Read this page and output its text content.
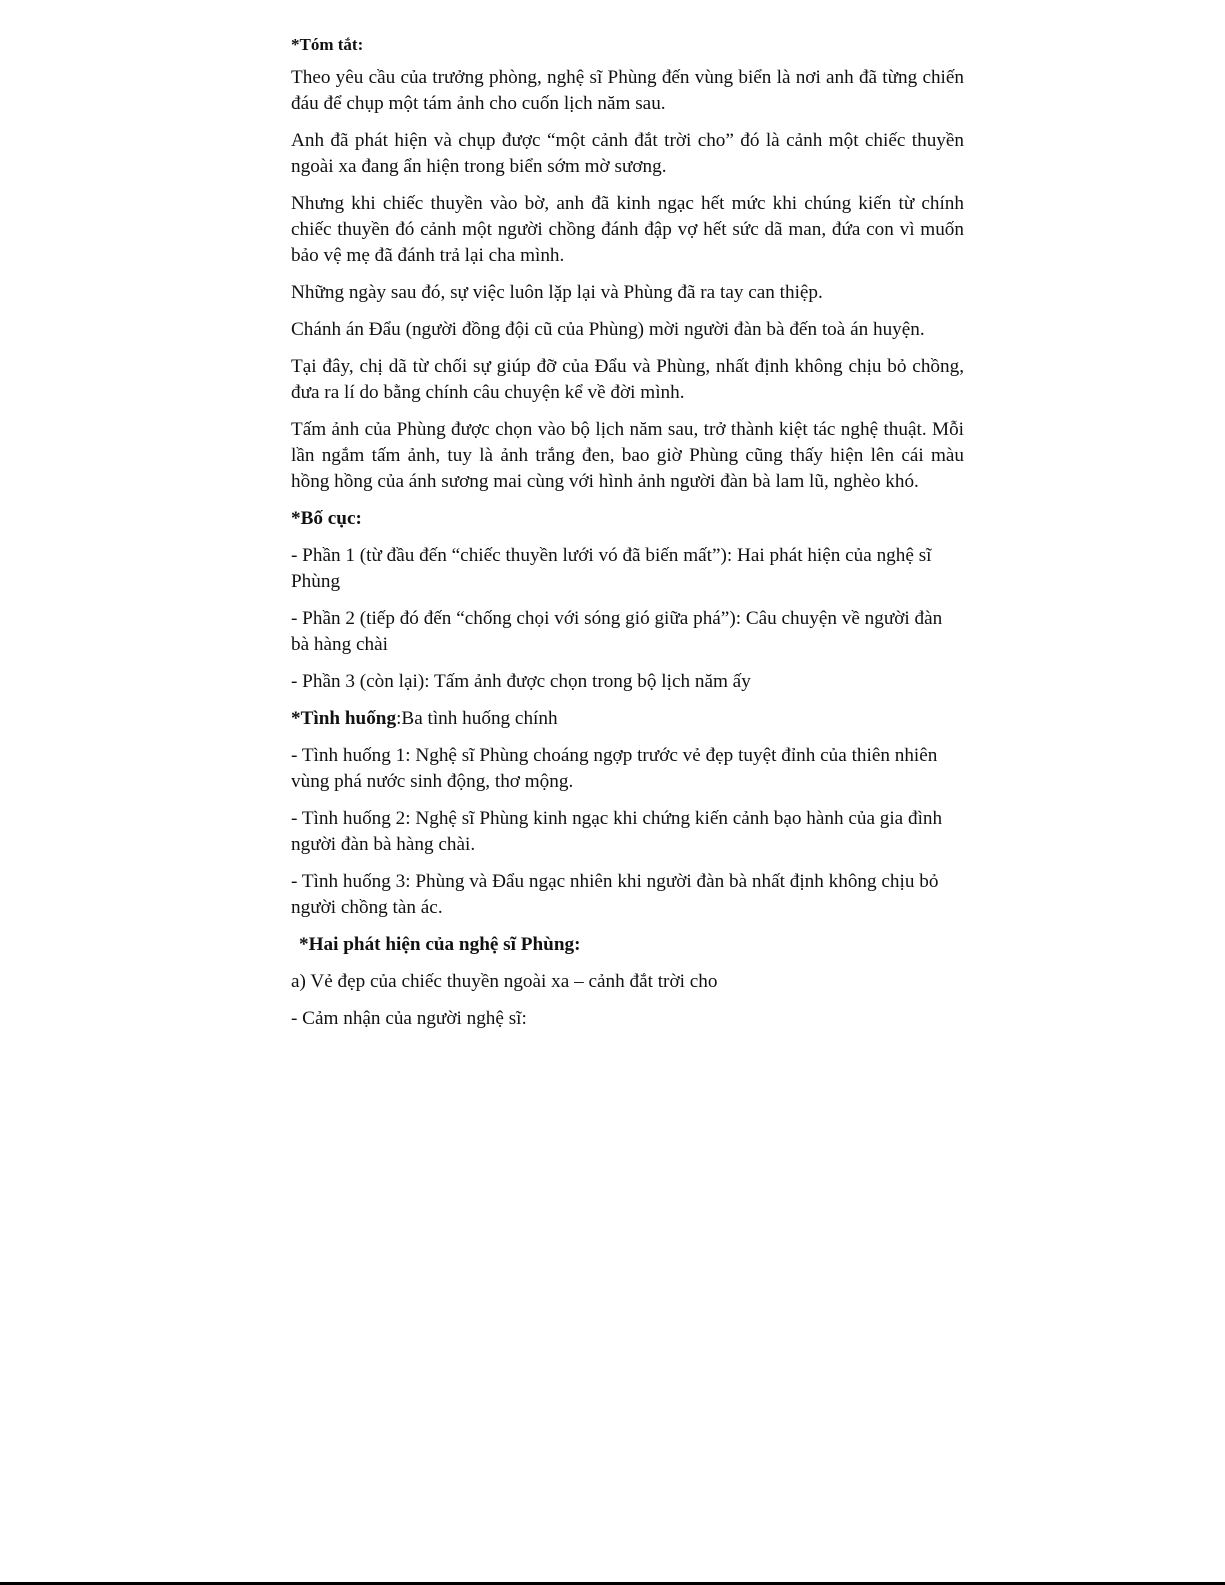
*Tóm tắt:

Theo yêu cầu của trưởng phòng, nghệ sĩ Phùng đến vùng biển là nơi anh đã từng chiến đáu để chụp một tám ảnh cho cuốn lịch năm sau.

Anh đã phát hiện và chụp được “một cảnh đắt trời cho” đó là cảnh một chiếc thuyền ngoài xa đang ẩn hiện trong biển sớm mờ sương.

Nhưng khi chiếc thuyền vào bờ, anh đã kinh ngạc hết mức khi chúng kiến từ chính chiếc thuyền đó cảnh một người chồng đánh đập vợ hết sức dã man, đứa con vì muốn bảo vệ mẹ đã đánh trả lại cha mình.

Những ngày sau đó, sự việc luôn lặp lại và Phùng đã ra tay can thiệp.

Chánh án Đẩu (người đồng đội cũ của Phùng) mời người đàn bà đến toà án huyện.

Tại đây, chị dã từ chối sự giúp đỡ của Đẩu và Phùng, nhất định không chịu bỏ chồng, đưa ra lí do bằng chính câu chuyện kể về đời mình.

Tấm ảnh của Phùng được chọn vào bộ lịch năm sau, trở thành kiệt tác nghệ thuật. Mỗi lần ngắm tấm ảnh, tuy là ảnh trắng đen, bao giờ Phùng cũng thấy hiện lên cái màu hồng hồng của ánh sương mai cùng với hình ảnh người đàn bà lam lũ, nghèo khó.

*Bố cục:

- Phần 1 (từ đầu đến “chiếc thuyền lưới vó đã biến mất”): Hai phát hiện của nghệ sĩ Phùng

- Phần 2 (tiếp đó đến “chống chọi với sóng gió giữa phá”): Câu chuyện về người đàn bà hàng chài

- Phần 3 (còn lại): Tấm ảnh được chọn trong bộ lịch năm ấy

*Tình huống:Ba tình huống chính

- Tình huống 1: Nghệ sĩ Phùng choáng ngợp trước vẻ đẹp tuyệt đỉnh của thiên nhiên vùng phá nước sinh động, thơ mộng.

- Tình huống 2: Nghệ sĩ Phùng kinh ngạc khi chứng kiến cảnh bạo hành của gia đình người đàn bà hàng chài.

- Tình huống 3: Phùng và Đẩu ngạc nhiên khi người đàn bà nhất định không chịu bỏ người chồng tàn ác.

*Hai phát hiện của nghệ sĩ Phùng:

a) Vẻ đẹp của chiếc thuyền ngoài xa – cảnh đắt trời cho

- Cảm nhận của người nghệ sĩ:
